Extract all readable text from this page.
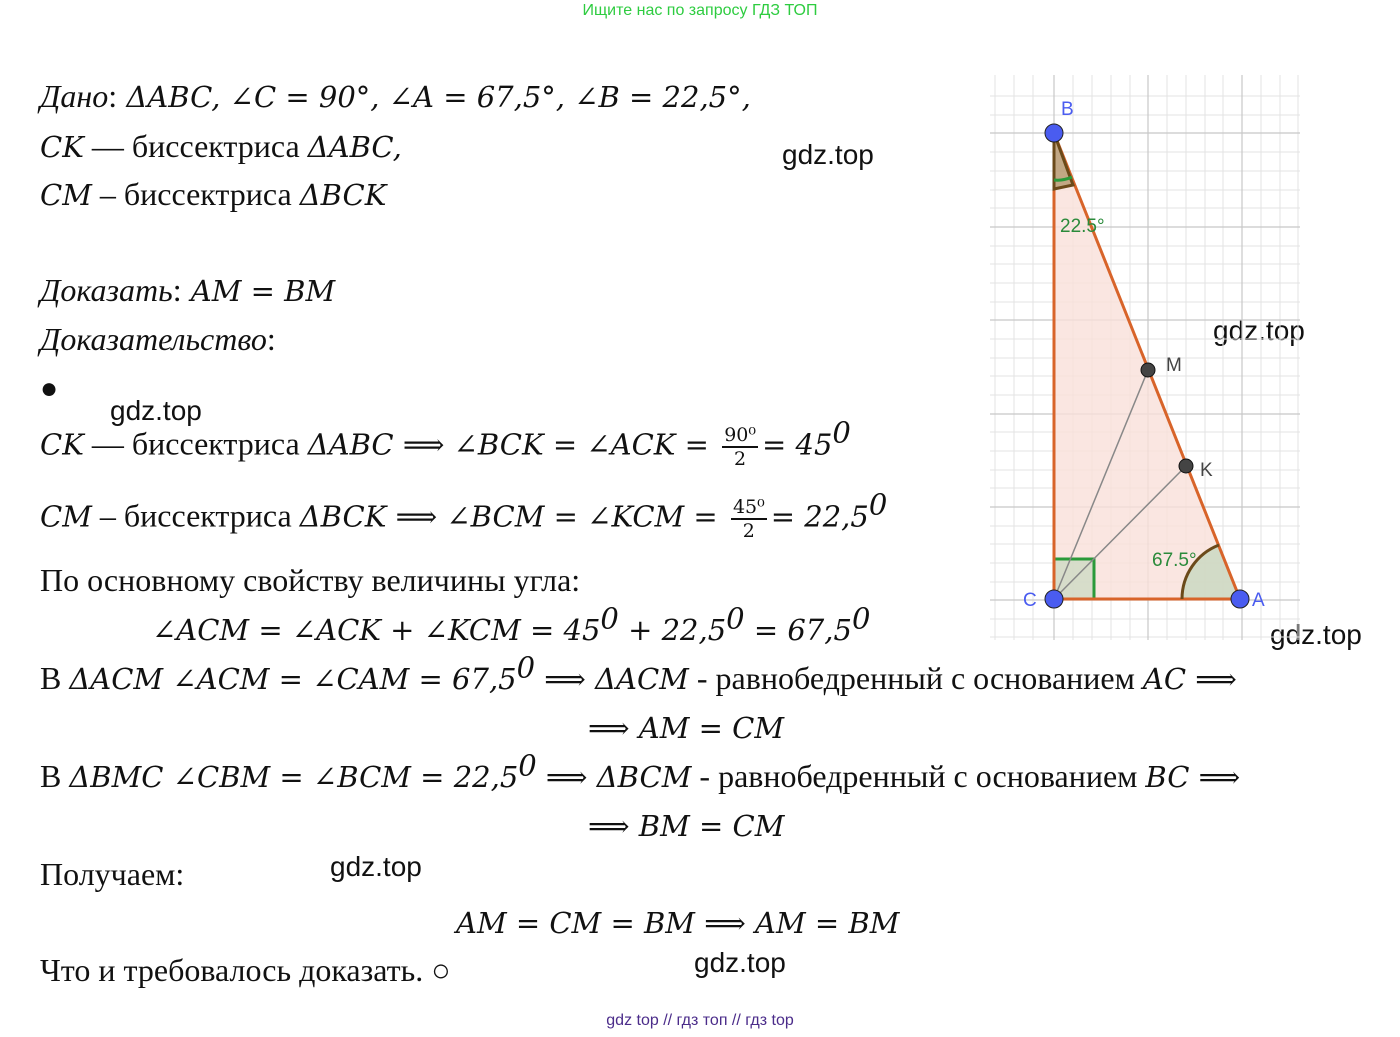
Ищите нас по запросу ГДЗ ТОП
Дано: ΔABC, ∠C = 90°, ∠A = 67,5°, ∠B = 22,5°,
CK — биссектриса ΔABC,
CM – биссектриса ΔBCK
Доказать: AM = BM
Доказательство:
●
CK — биссектриса ΔABC ⟹ ∠BCK = ∠ACK = $\frac{\text{90⁰}}{2} = 45^0$
CM – биссектриса ΔBCK ⟹ ∠BCM = ∠KCM = $\frac{\text{45⁰}}{2} = 22,5^0$
По основному свойству величины угла:
∠ACM = ∠ACK + ∠KCM = $45^0 + 22,5^0 = 67,5^0$
В ΔACM ∠ACM = ∠CAM = $67,5^0$ ⟹ ΔACM - равнобедренный с основанием AC ⟹
⟹ AM = CM
В ΔBMC ∠CBM = ∠BCM = $22,5^0$ ⟹ ΔBCM - равнобедренный с основанием BC ⟹
⟹ BM = CM
Получаем:
AM = CM = BM ⟹ AM = BM
Что и требовалось доказать. ○
gdz.top
gdz.top
gdz.top
gdz.top
gdz.top
gdz.top
22.5°
67.5°
B
C	A
M
K
gdz top // гдз топ // гдз top
